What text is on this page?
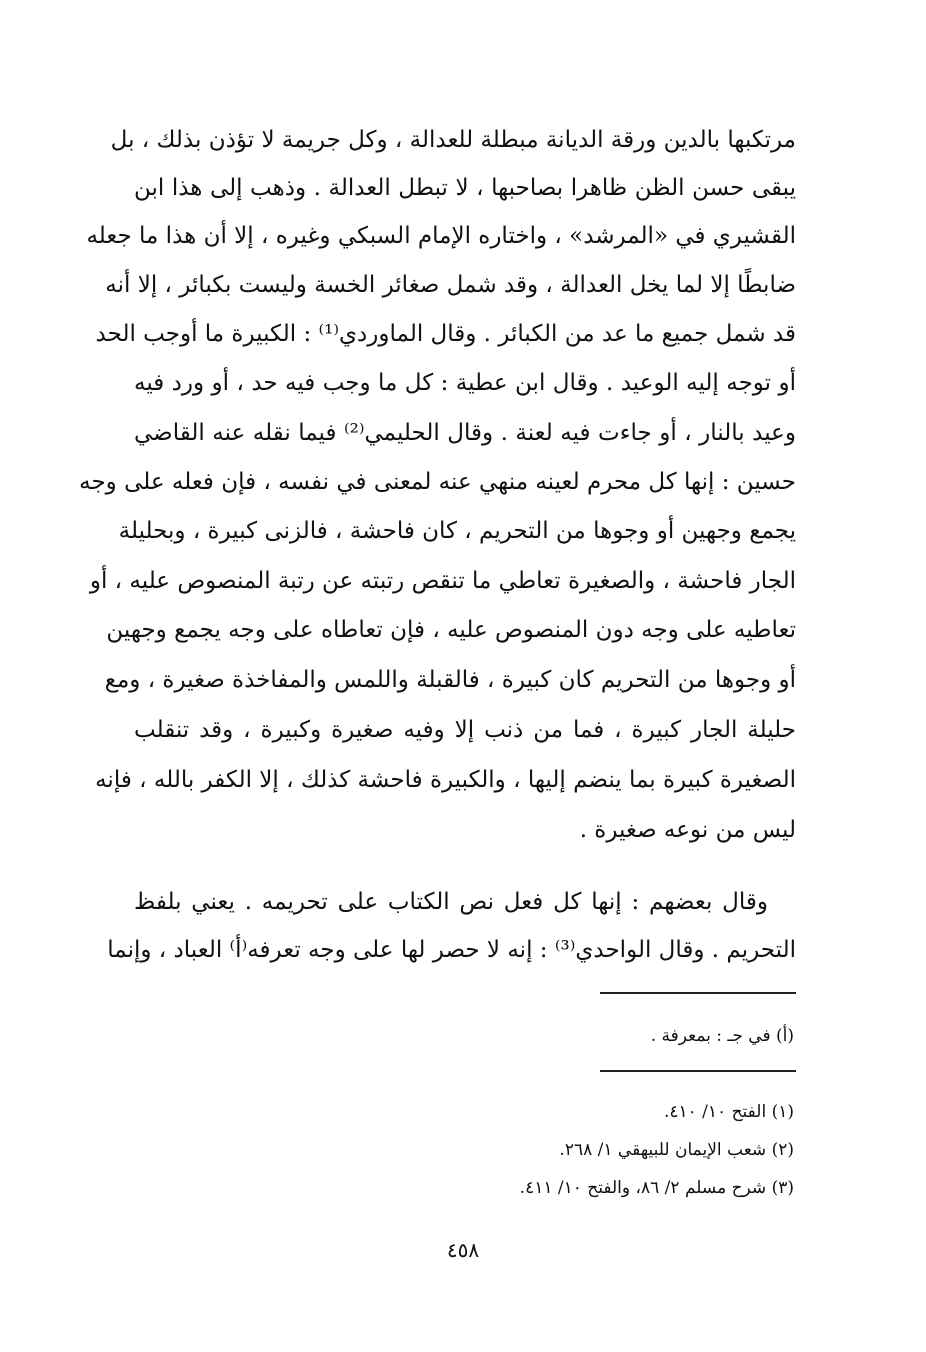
مرتكبها بالدين ورقة الديانة مبطلة للعدالة ، وكل جريمة لا تؤذن بذلك ، بل
يبقى حسن الظن ظاهرا بصاحبها ، لا تبطل العدالة . وذهب إلى هذا ابن
القشيري في «المرشد» ، واختاره الإمام السبكي وغيره ، إلا أن هذا ما جعله
ضابطًا إلا لما يخل العدالة ، وقد شمل صغائر الخسة وليست بكبائر ، إلا أنه
قد شمل جميع ما عد من الكبائر . وقال الماوردي⁽¹⁾ : الكبيرة ما أوجب الحد
أو توجه إليه الوعيد . وقال ابن عطية : كل ما وجب فيه حد ، أو ورد فيه
وعيد بالنار ، أو جاءت فيه لعنة . وقال الحليمي⁽²⁾ فيما نقله عنه القاضي
حسين : إنها كل محرم لعينه منهي عنه لمعنى في نفسه ، فإن فعله على وجه
يجمع وجهين أو وجوها من التحريم ، كان فاحشة ، فالزنى كبيرة ، وبحليلة
الجار فاحشة ، والصغيرة تعاطي ما تنقص رتبته عن رتبة المنصوص عليه ، أو
تعاطيه على وجه دون المنصوص عليه ، فإن تعاطاه على وجه يجمع وجهين
أو وجوها من التحريم كان كبيرة ، فالقبلة واللمس والمفاخذة صغيرة ، ومع
حليلة الجار كبيرة ، فما من ذنب إلا وفيه صغيرة وكبيرة ، وقد تنقلب
الصغيرة كبيرة بما ينضم إليها ، والكبيرة فاحشة كذلك ، إلا الكفر بالله ، فإنه
ليس من نوعه صغيرة .
وقال بعضهم : إنها كل فعل نص الكتاب على تحريمه . يعني بلفظ
التحريم . وقال الواحدي⁽³⁾ : إنه لا حصر لها على وجه تعرفه⁽أ⁾ العباد ، وإنما
(أ) في جـ : بمعرفة .
(١) الفتح ١٠/ ٤١٠.
(٢) شعب الإيمان للبيهقي ١/ ٢٦٨.
(٣) شرح مسلم ٢/ ٨٦، والفتح ١٠/ ٤١١.
٤٥٨
